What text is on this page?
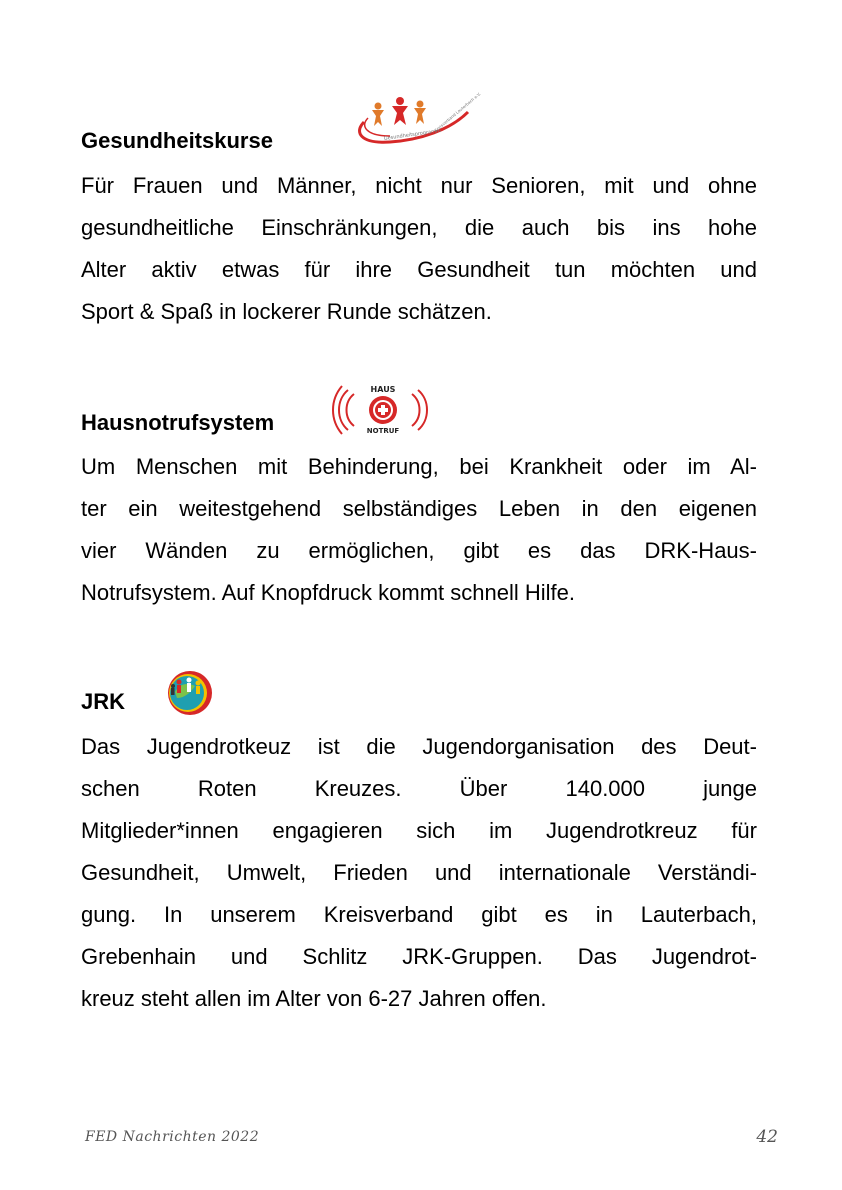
Gesundheitskurse	Gesundheitsprogramm
Kreisverband Lauterbach e.V.
Für Frauen und Männer, nicht nur Senioren, mit und ohne
gesundheitliche Einschränkungen, die auch bis ins hohe
Alter aktiv etwas für ihre Gesundheit tun möchten und
Sport & Spaß in lockerer Runde schätzen.
Hausnotrufsystem
HAUS
NOTRUF
Um Menschen mit Behinderung, bei Krankheit oder im Al-
ter ein weitestgehend selbständiges Leben in den eigenen
vier Wänden zu ermöglichen, gibt es das DRK-Haus-
Notrufsystem. Auf Knopfdruck kommt schnell Hilfe.
JRK
Das Jugendrotkeuz ist die Jugendorganisation des Deut-
schen Roten Kreuzes. Über 140.000 junge
Mitglieder*innen engagieren sich im Jugendrotkreuz für
Gesundheit, Umwelt, Frieden und internationale Verständi-
gung. In unserem Kreisverband gibt es in Lauterbach,
Grebenhain und Schlitz JRK-Gruppen. Das Jugendrot-
kreuz steht allen im Alter von 6-27 Jahren offen.
FED Nachrichten 2022	42
